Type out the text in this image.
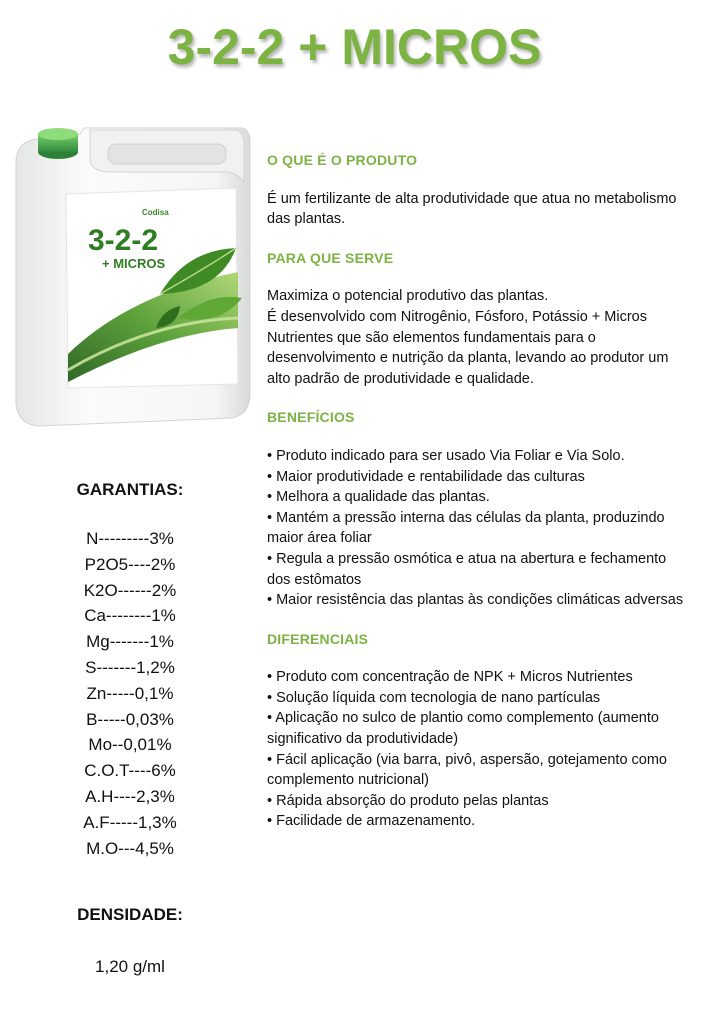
3-2-2 + MICROS
Codisa
3-2-2
+ MICROS
GARANTIAS:
N---------3%
P2O5----2%
K2O------2%
Ca--------1%
Mg-------1%
S-------1,2%
Zn-----0,1%
B-----0,03%
Mo--0,01%
C.O.T----6%
A.H----2,3%
A.F-----1,3%
M.O---4,5%
DENSIDADE:
1,20 g/ml
O QUE É O PRODUTO

É um fertilizante de alta produtividade que atua no metabolismo das plantas.

PARA QUE SERVE

Maximiza o potencial produtivo das plantas.

É desenvolvido com Nitrogênio, Fósforo, Potássio + Micros Nutrientes que são elementos fundamentais para o desenvolvimento e nutrição da planta, levando ao produtor um alto padrão de produtividade e qualidade.

BENEFÍCIOS
• Produto indicado para ser usado Via Foliar e Via Solo.
• Maior produtividade e rentabilidade das culturas
• Melhora a qualidade das plantas.
• Mantém a pressão interna das células da planta, produzindo maior área foliar
• Regula a pressão osmótica e atua na abertura e fechamento dos estômatos
• Maior resistência das plantas às condições climáticas adversas
DIFERENCIAIS
• Produto com concentração de NPK + Micros Nutrientes
• Solução líquida com tecnologia de nano partículas
• Aplicação no sulco de plantio como complemento (aumento significativo da produtividade)
• Fácil aplicação (via barra, pivô, aspersão, gotejamento como complemento nutricional)
• Rápida absorção do produto pelas plantas
• Facilidade de armazenamento.
